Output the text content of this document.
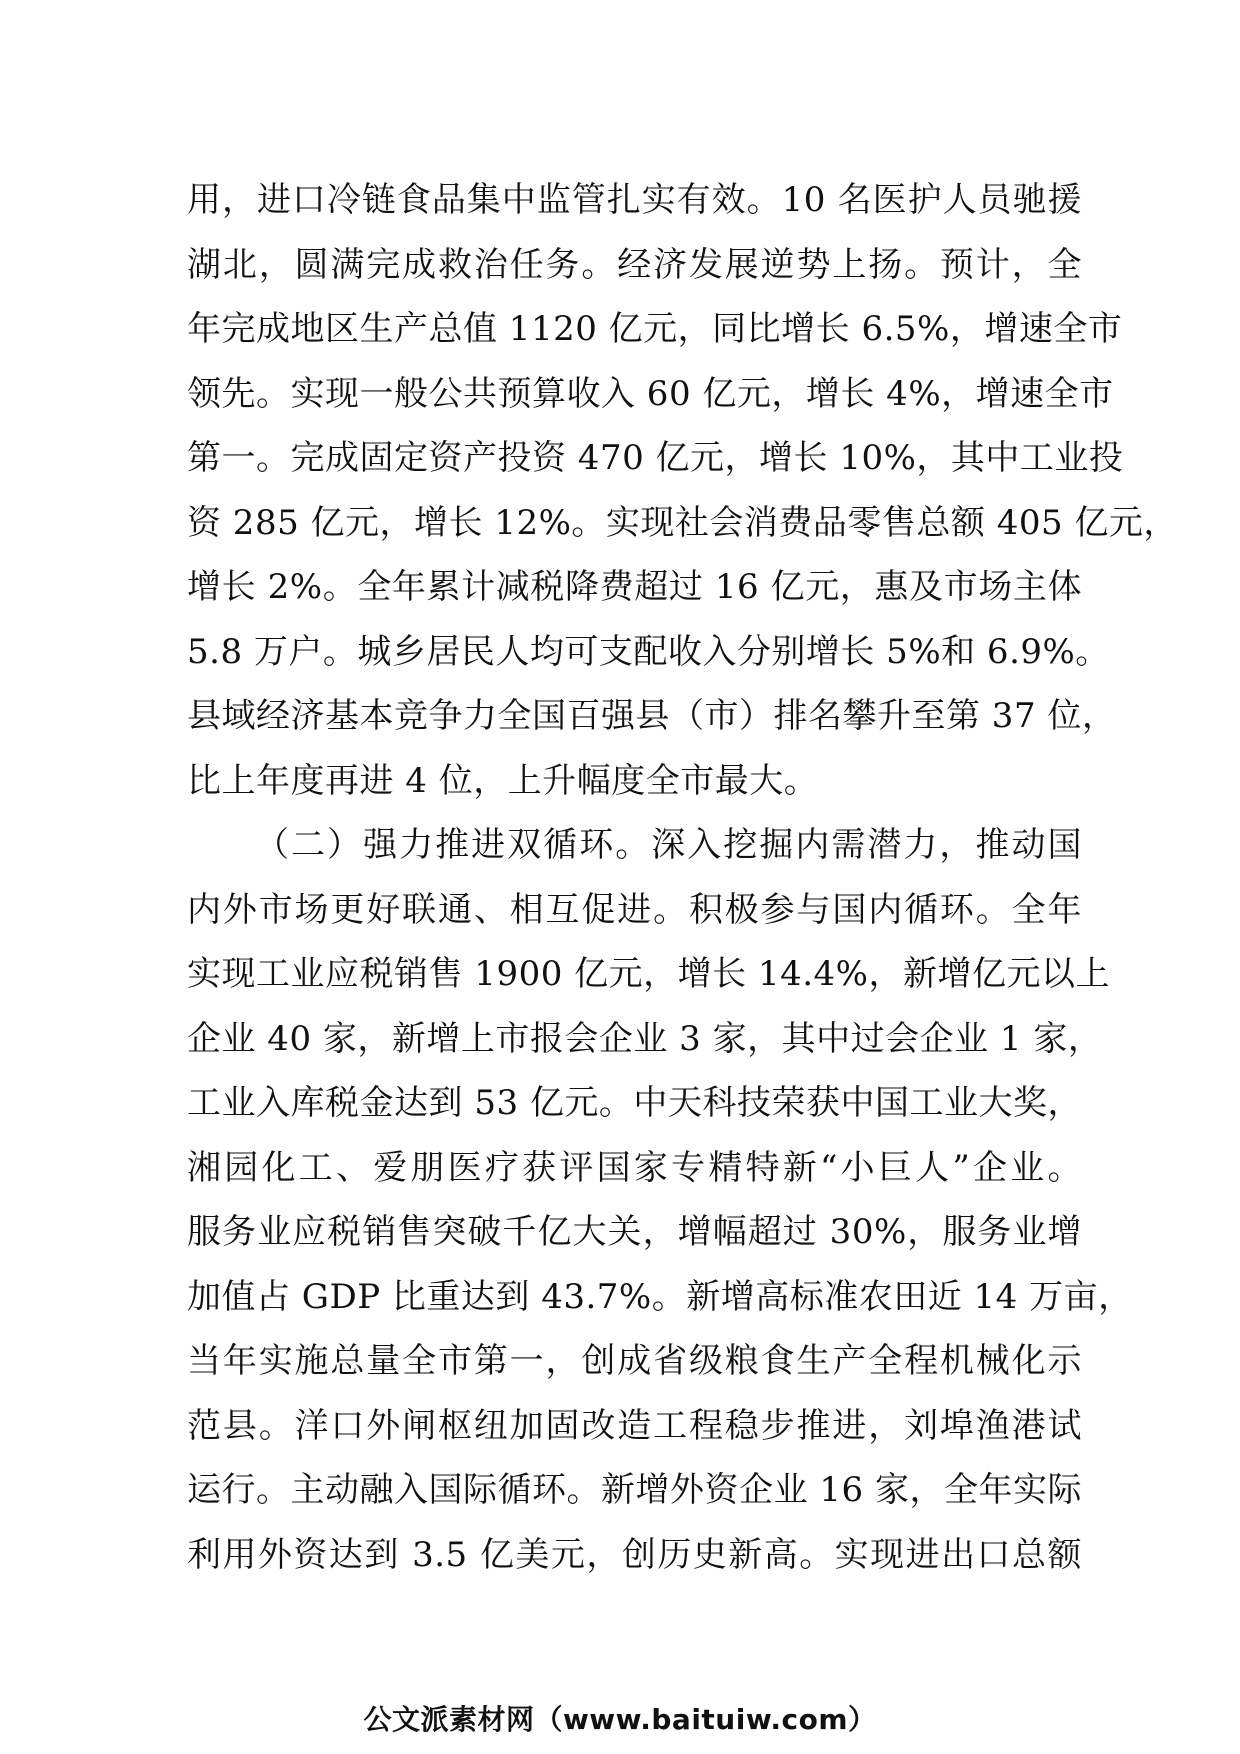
用，进口冷链食品集中监管扎实有效。10 名医护人员驰援
湖北，圆满完成救治任务。经济发展逆势上扬。预计，全
年完成地区生产总值 1120 亿元，同比增长 6.5%，增速全市
领先。实现一般公共预算收入 60 亿元，增长 4%，增速全市
第一。完成固定资产投资 470 亿元，增长 10%，其中工业投
资 285 亿元，增长 12%。实现社会消费品零售总额 405 亿元，
增长 2%。全年累计减税降费超过 16 亿元，惠及市场主体
5.8 万户。城乡居民人均可支配收入分别增长 5%和 6.9%。
县域经济基本竞争力全国百强县（市）排名攀升至第 37 位，
比上年度再进 4 位，上升幅度全市最大。
（二）强力推进双循环。深入挖掘内需潜力，推动国
内外市场更好联通、相互促进。积极参与国内循环。全年
实现工业应税销售 1900 亿元，增长 14.4%，新增亿元以上
企业 40 家，新增上市报会企业 3 家，其中过会企业 1 家，
工业入库税金达到 53 亿元。中天科技荣获中国工业大奖，
湘园化工、爱朋医疗获评国家专精特新“小巨人”企业。
服务业应税销售突破千亿大关，增幅超过 30%，服务业增
加值占 GDP 比重达到 43.7%。新增高标准农田近 14 万亩，
当年实施总量全市第一，创成省级粮食生产全程机械化示
范县。洋口外闸枢纽加固改造工程稳步推进，刘埠渔港试
运行。主动融入国际循环。新增外资企业 16 家，全年实际
利用外资达到 3.5 亿美元，创历史新高。实现进出口总额
公文派素材网（www.baituiw.com）
